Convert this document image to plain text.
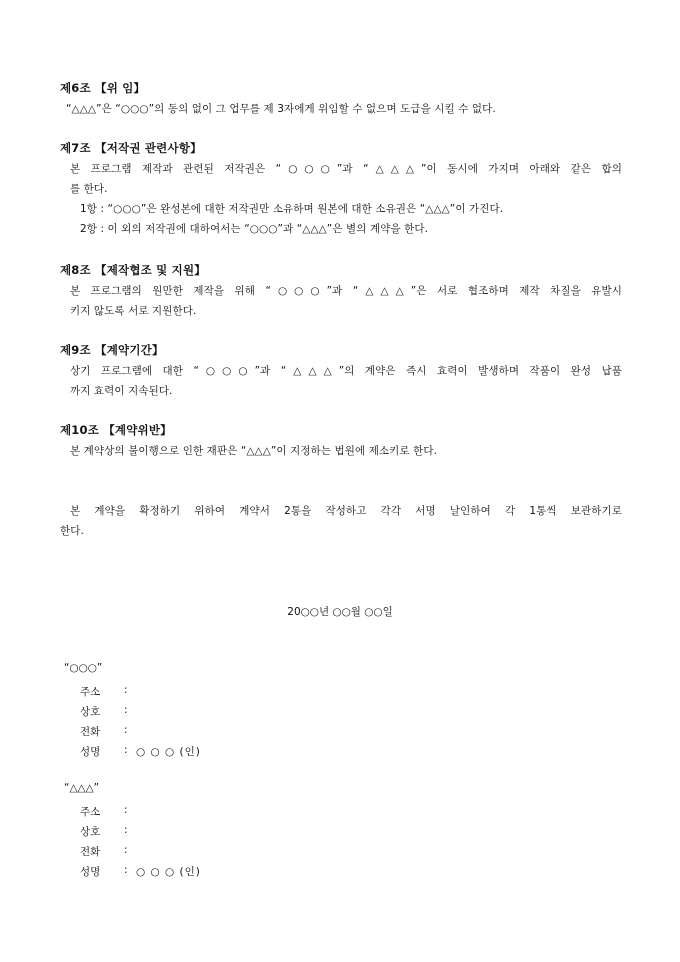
제6조 【위 임】
“△△△”은 “○○○”의 동의 없이 그 업무를 제 3자에게 위임할 수 없으며 도급을 시킬 수 없다.
제7조 【저작권 관련사항】
본 프로그램 제작과 관련된 저작권은 “○○○”과 “△△△”이 동시에 가지며 아래와 같은 합의
를 한다.
1항 : “○○○”은 완성본에 대한 저작권만 소유하며 원본에 대한 소유권은 “△△△”이 가진다.
2항 : 이 외의 저작권에 대하여서는 “○○○”과 “△△△”은 별의 계약을 한다.
제8조 【제작협조 및 지원】
본 프로그램의 원만한 제작을 위해 “○○○”과 “△△△”은 서로 협조하며 제작 차질을 유발시
키지 않도록 서로 지원한다.
제9조 【계약기간】
상기 프로그램에 대한 “○○○”과 “△△△”의 계약은 즉시 효력이 발생하며 작품이 완성 납품
까지 효력이 지속된다.
제10조 【계약위반】
본 계약상의 불이행으로 인한 재판은 “△△△”이 지정하는 법원에 제소키로 한다.
본 계약을 확정하기 위하여 계약서 2통을 작성하고 각각 서명 날인하여 각 1통씩 보관하기로
한다.
20○○년 ○○월 ○○일
“○○○”
주소	:
상호	:
전화	:
성명	: ○ ○ ○ (인)
“△△△”
주소	:
상호	:
전화	:
성명	: ○ ○ ○ (인)
